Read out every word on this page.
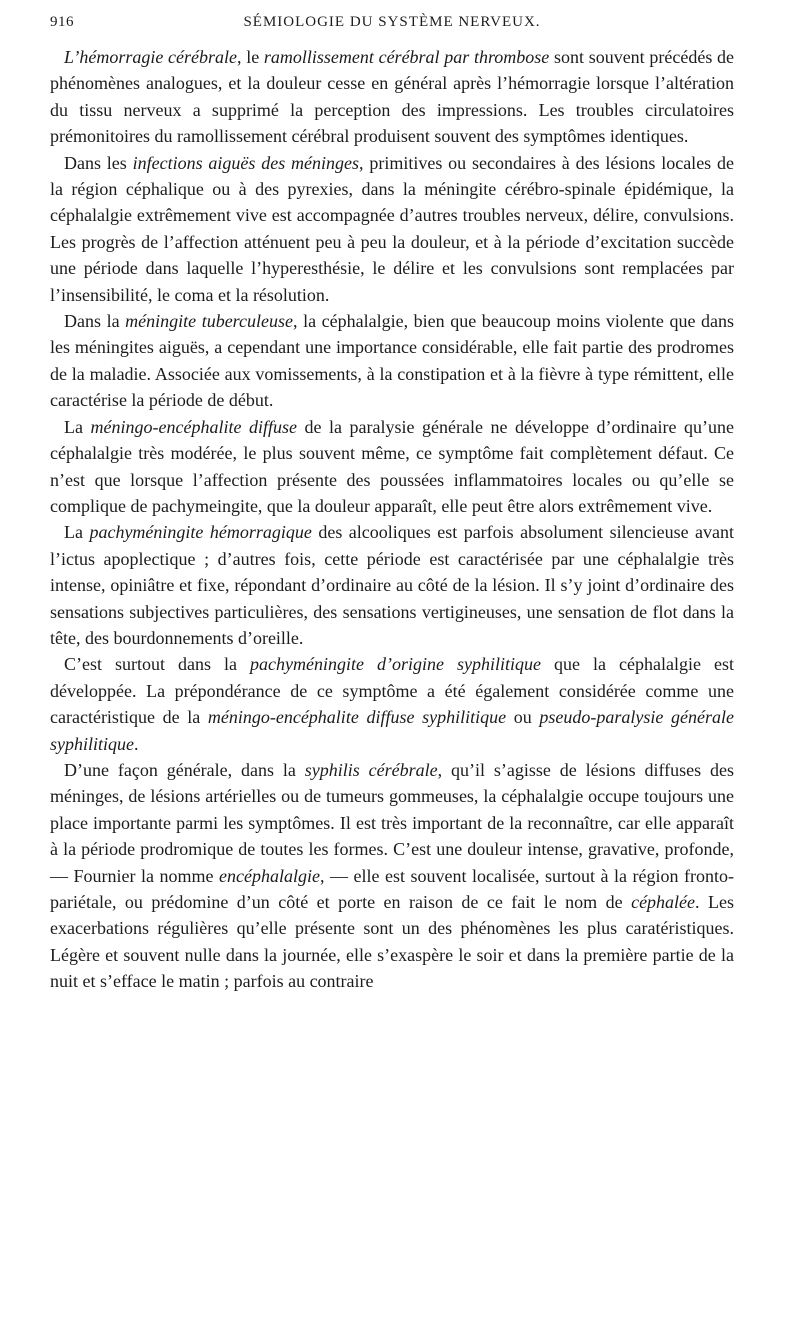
916	SÉMIOLOGIE DU SYSTÈME NERVEUX.

L’hémorragie cérébrale, le ramollissement cérébral par thrombose sont souvent précédés de phénomènes analogues, et la douleur cesse en général après l’hémorragie lorsque l’altération du tissu nerveux a supprimé la perception des impressions. Les troubles circulatoires prémonitoires du ramollissement cérébral produisent souvent des symptômes identiques.

Dans les infections aiguës des méninges, primitives ou secondaires à des lésions locales de la région céphalique ou à des pyrexies, dans la méningite cérébro-spinale épidémique, la céphalalgie extrêmement vive est accompagnée d’autres troubles nerveux, délire, convulsions. Les progrès de l’affection atténuent peu à peu la douleur, et à la période d’excitation succède une période dans laquelle l’hyperesthésie, le délire et les convulsions sont remplacées par l’insensibilité, le coma et la résolution.

Dans la méningite tuberculeuse, la céphalalgie, bien que beaucoup moins violente que dans les méningites aiguës, a cependant une importance considérable, elle fait partie des prodromes de la maladie. Associée aux vomissements, à la constipation et à la fièvre à type rémittent, elle caractérise la période de début.

La méningo-encéphalite diffuse de la paralysie générale ne développe d’ordinaire qu’une céphalalgie très modérée, le plus souvent même, ce symptôme fait complètement défaut. Ce n’est que lorsque l’affection présente des poussées inflammatoires locales ou qu’elle se complique de pachymeingite, que la douleur apparaît, elle peut être alors extrêmement vive.

La pachyméningite hémorragique des alcooliques est parfois absolument silencieuse avant l’ictus apoplectique ; d’autres fois, cette période est caractérisée par une céphalalgie très intense, opiniâtre et fixe, répondant d’ordinaire au côté de la lésion. Il s’y joint d’ordinaire des sensations subjectives particulières, des sensations vertigineuses, une sensation de flot dans la tête, des bourdonnements d’oreille.

C’est surtout dans la pachyméningite d’origine syphilitique que la céphalalgie est développée. La prépondérance de ce symptôme a été également considérée comme une caractéristique de la méningo-encéphalite diffuse syphilitique ou pseudo-paralysie générale syphilitique.

D’une façon générale, dans la syphilis cérébrale, qu’il s’agisse de lésions diffuses des méninges, de lésions artérielles ou de tumeurs gommeuses, la céphalalgie occupe toujours une place importante parmi les symptômes. Il est très important de la reconnaître, car elle apparaît à la période prodromique de toutes les formes. C’est une douleur intense, gravative, profonde, — Fournier la nomme encéphalalgie, — elle est souvent localisée, surtout à la région fronto-pariétale, ou prédomine d’un côté et porte en raison de ce fait le nom de céphalée. Les exacerbations régulières qu’elle présente sont un des phénomènes les plus caratéristiques. Légère et souvent nulle dans la journée, elle s’exaspère le soir et dans la première partie de la nuit et s’efface le matin ; parfois au contraire
